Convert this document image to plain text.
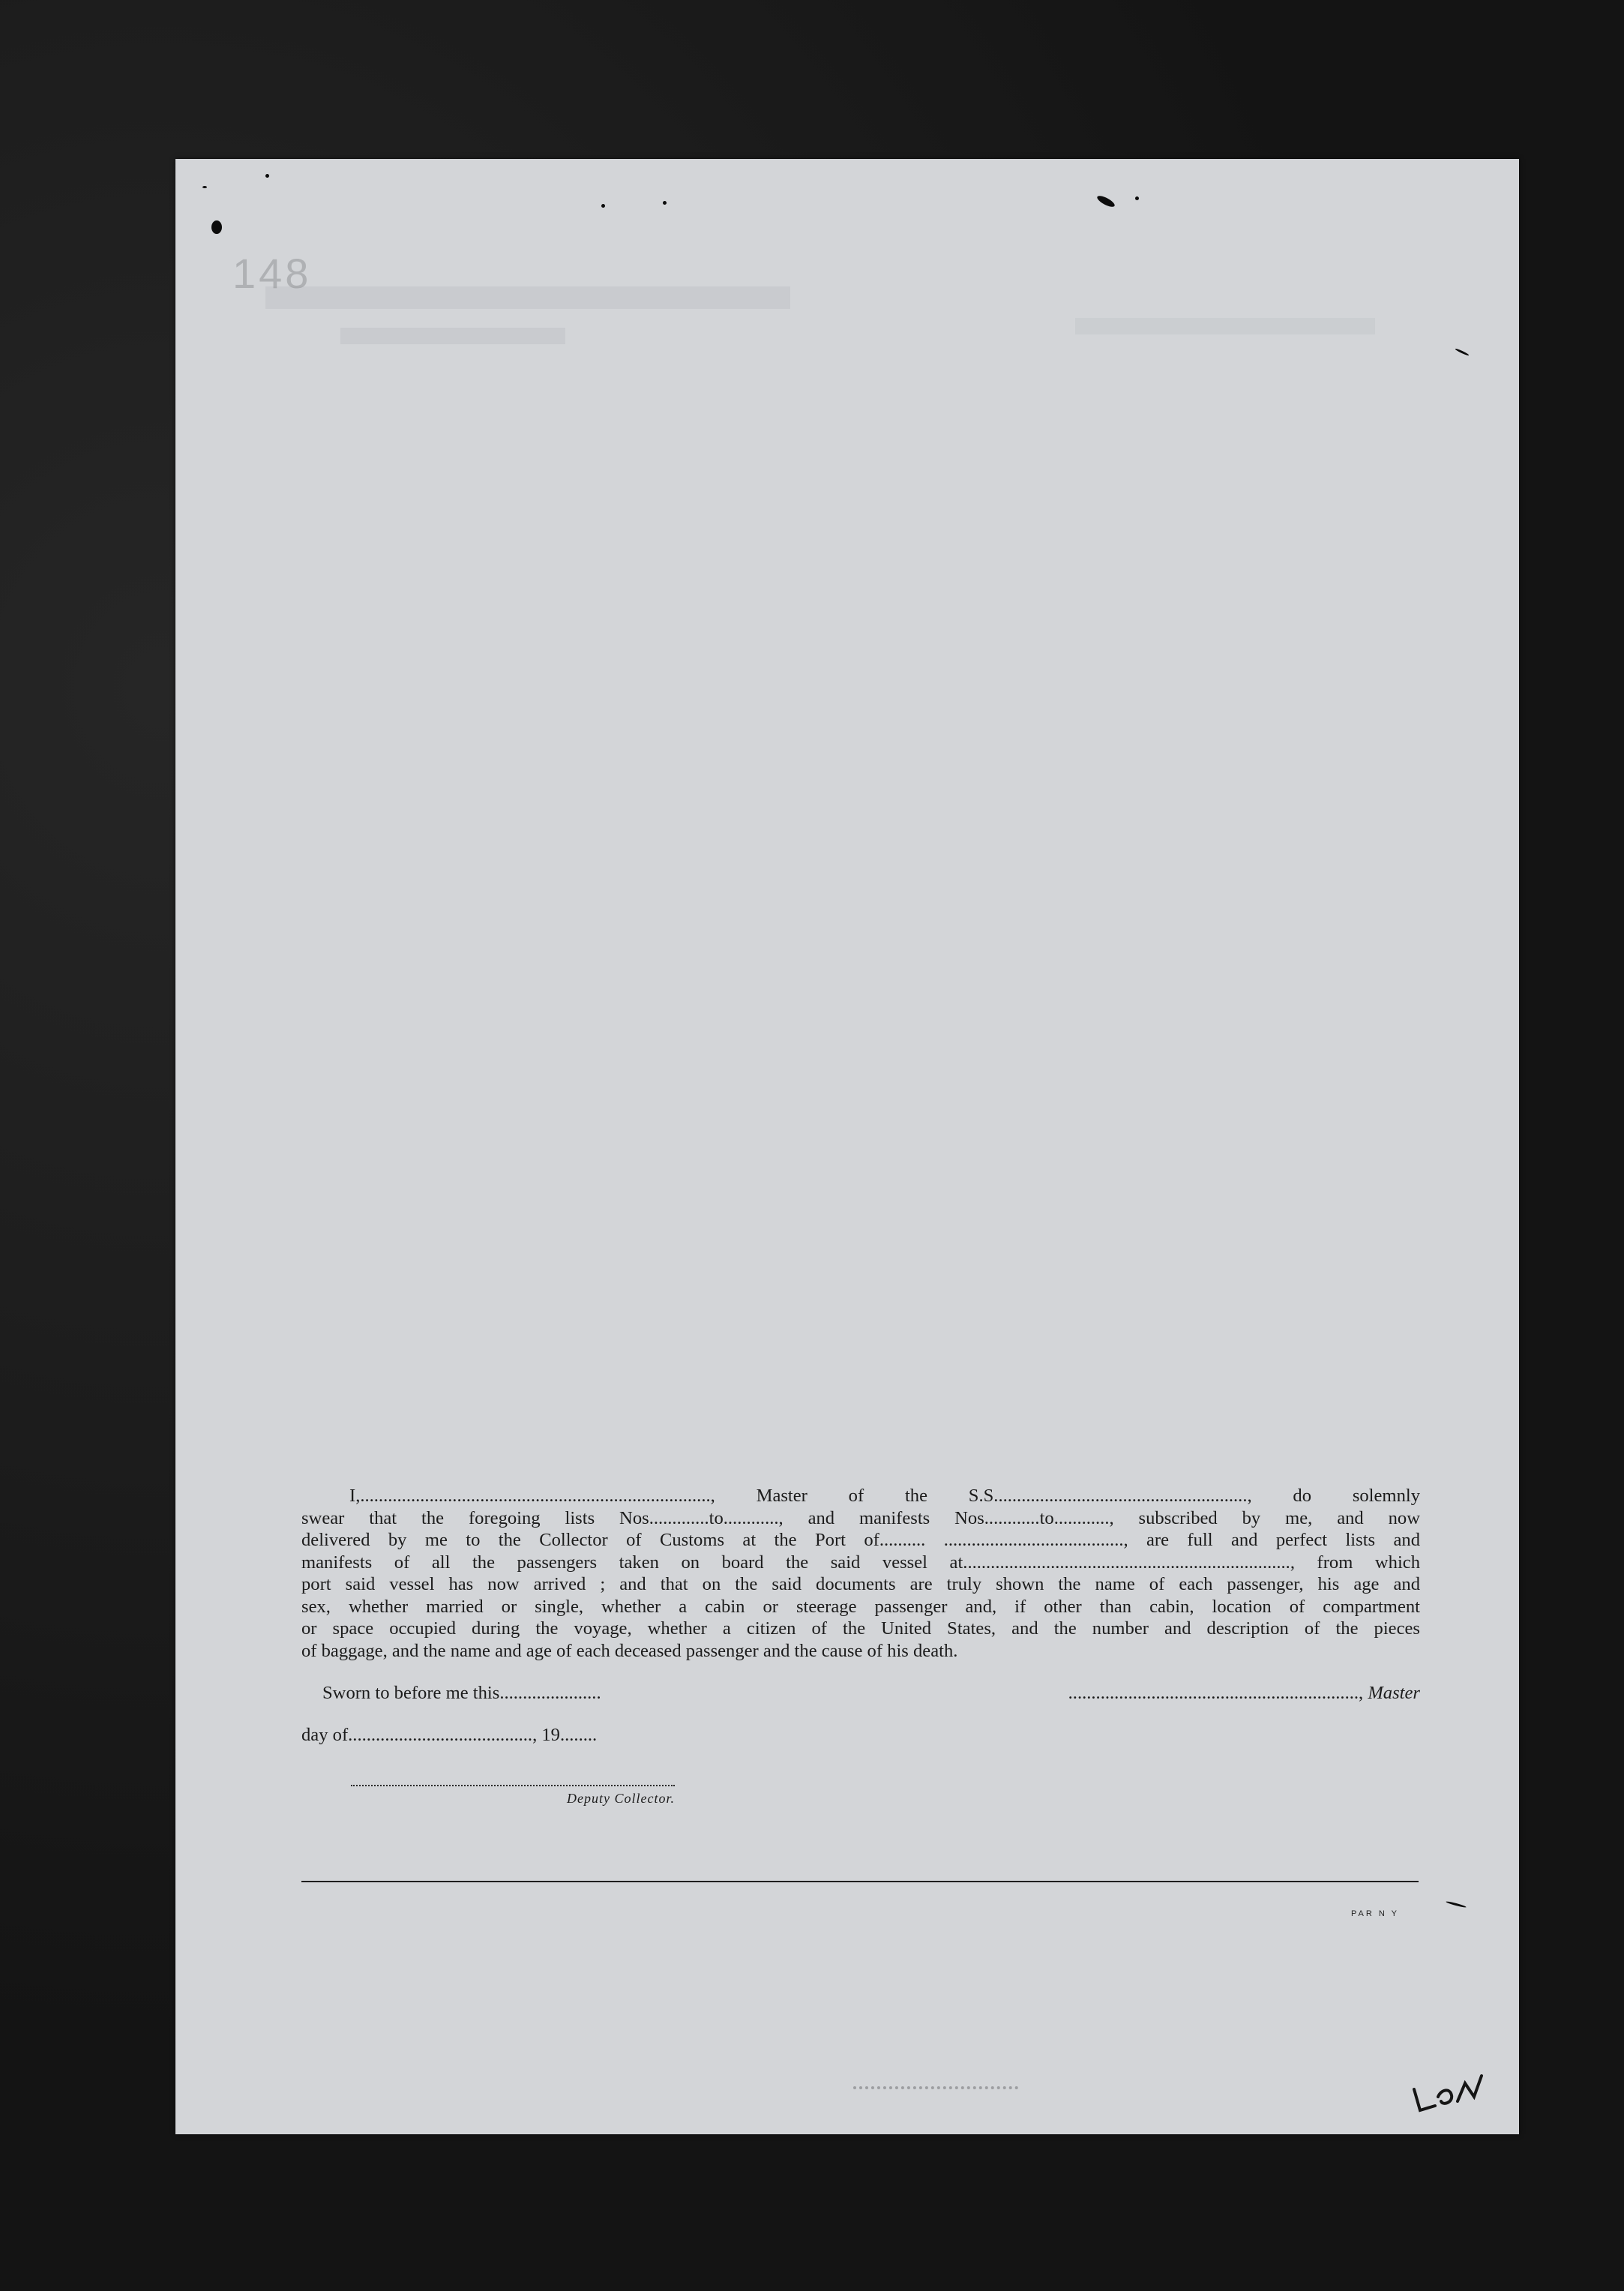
148
I,............................................................................, Master of the S.S......................................................., do solemnly
swear that the foregoing lists Nos.............to............, and manifests Nos............to............, subscribed by me, and now
delivered by me to the Collector of Customs at the Port of.......... ......................................., are full and perfect lists and
manifests of all the passengers taken on board the said vessel at......................................................................., from which
port said vessel has now arrived ; and that on the said documents are truly shown the name of each passenger, his age and
sex, whether married or single, whether a cabin or steerage passenger and, if other than cabin, location of compartment
or space occupied during the voyage, whether a citizen of the United States, and the number and description of the pieces
of baggage, and the name and age of each deceased passenger and the cause of his death.
Sworn to before me this......................	..............................................................., Master
day of........................................, 19........
Deputy Collector.
PAR N Y
